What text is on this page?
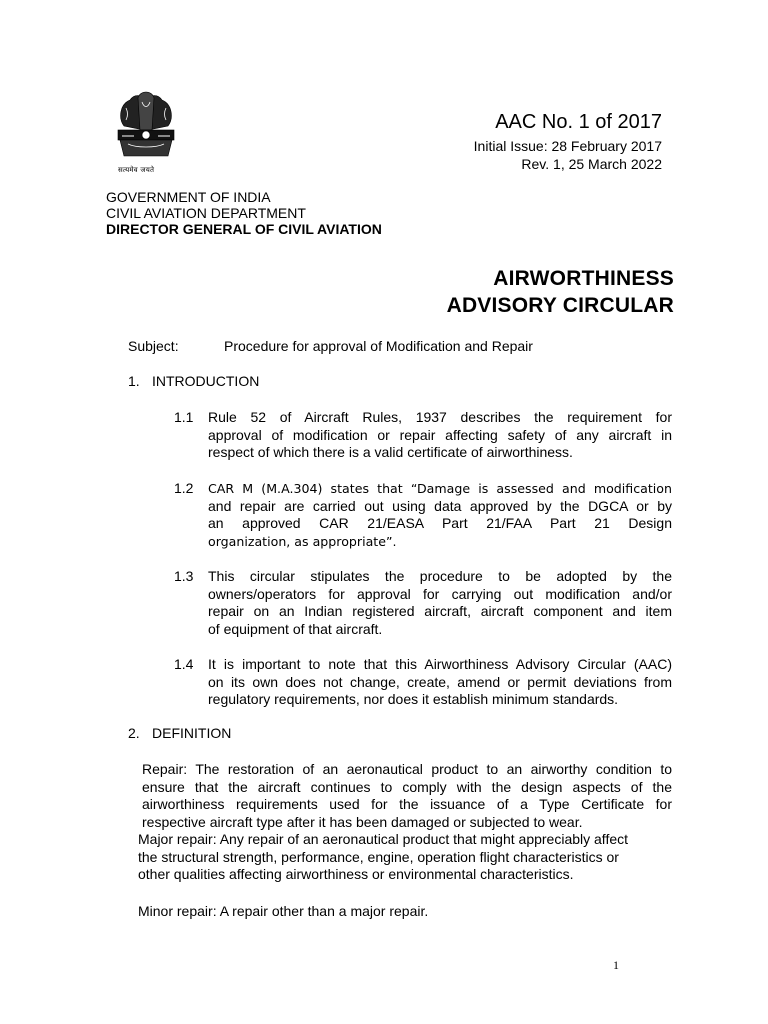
सत्यमेव जयते
AAC No. 1 of 2017
Initial Issue: 28 February 2017
Rev. 1, 25 March 2022
GOVERNMENT OF INDIA
CIVIL AVIATION DEPARTMENT
DIRECTOR GENERAL OF CIVIL AVIATION
AIRWORTHINESS
ADVISORY CIRCULAR
Subject:	Procedure for approval of Modification and Repair
1. INTRODUCTION
1.1 Rule 52 of Aircraft Rules, 1937 describes the requirement for
approval of modification or repair affecting safety of any aircraft in
respect of which there is a valid certificate of airworthiness.
1.2 CAR M (M.A.304) states that “Damage is assessed and modification
and repair are carried out using data approved by the DGCA or by
an approved CAR 21/EASA Part 21/FAA Part 21 Design
organization, as appropriate”.
1.3 This circular stipulates the procedure to be adopted by the
owners/operators for approval for carrying out modification and/or
repair on an Indian registered aircraft, aircraft component and item
of equipment of that aircraft.
1.4 It is important to note that this Airworthiness Advisory Circular (AAC)
on its own does not change, create, amend or permit deviations from
regulatory requirements, nor does it establish minimum standards.
2. DEFINITION
Repair: The restoration of an aeronautical product to an airworthy condition to
ensure that the aircraft continues to comply with the design aspects of the
airworthiness requirements used for the issuance of a Type Certificate for
respective aircraft type after it has been damaged or subjected to wear.
Major repair: Any repair of an aeronautical product that might appreciably affect
the structural strength, performance, engine, operation flight characteristics or
other qualities affecting airworthiness or environmental characteristics.
Minor repair: A repair other than a major repair.
1
